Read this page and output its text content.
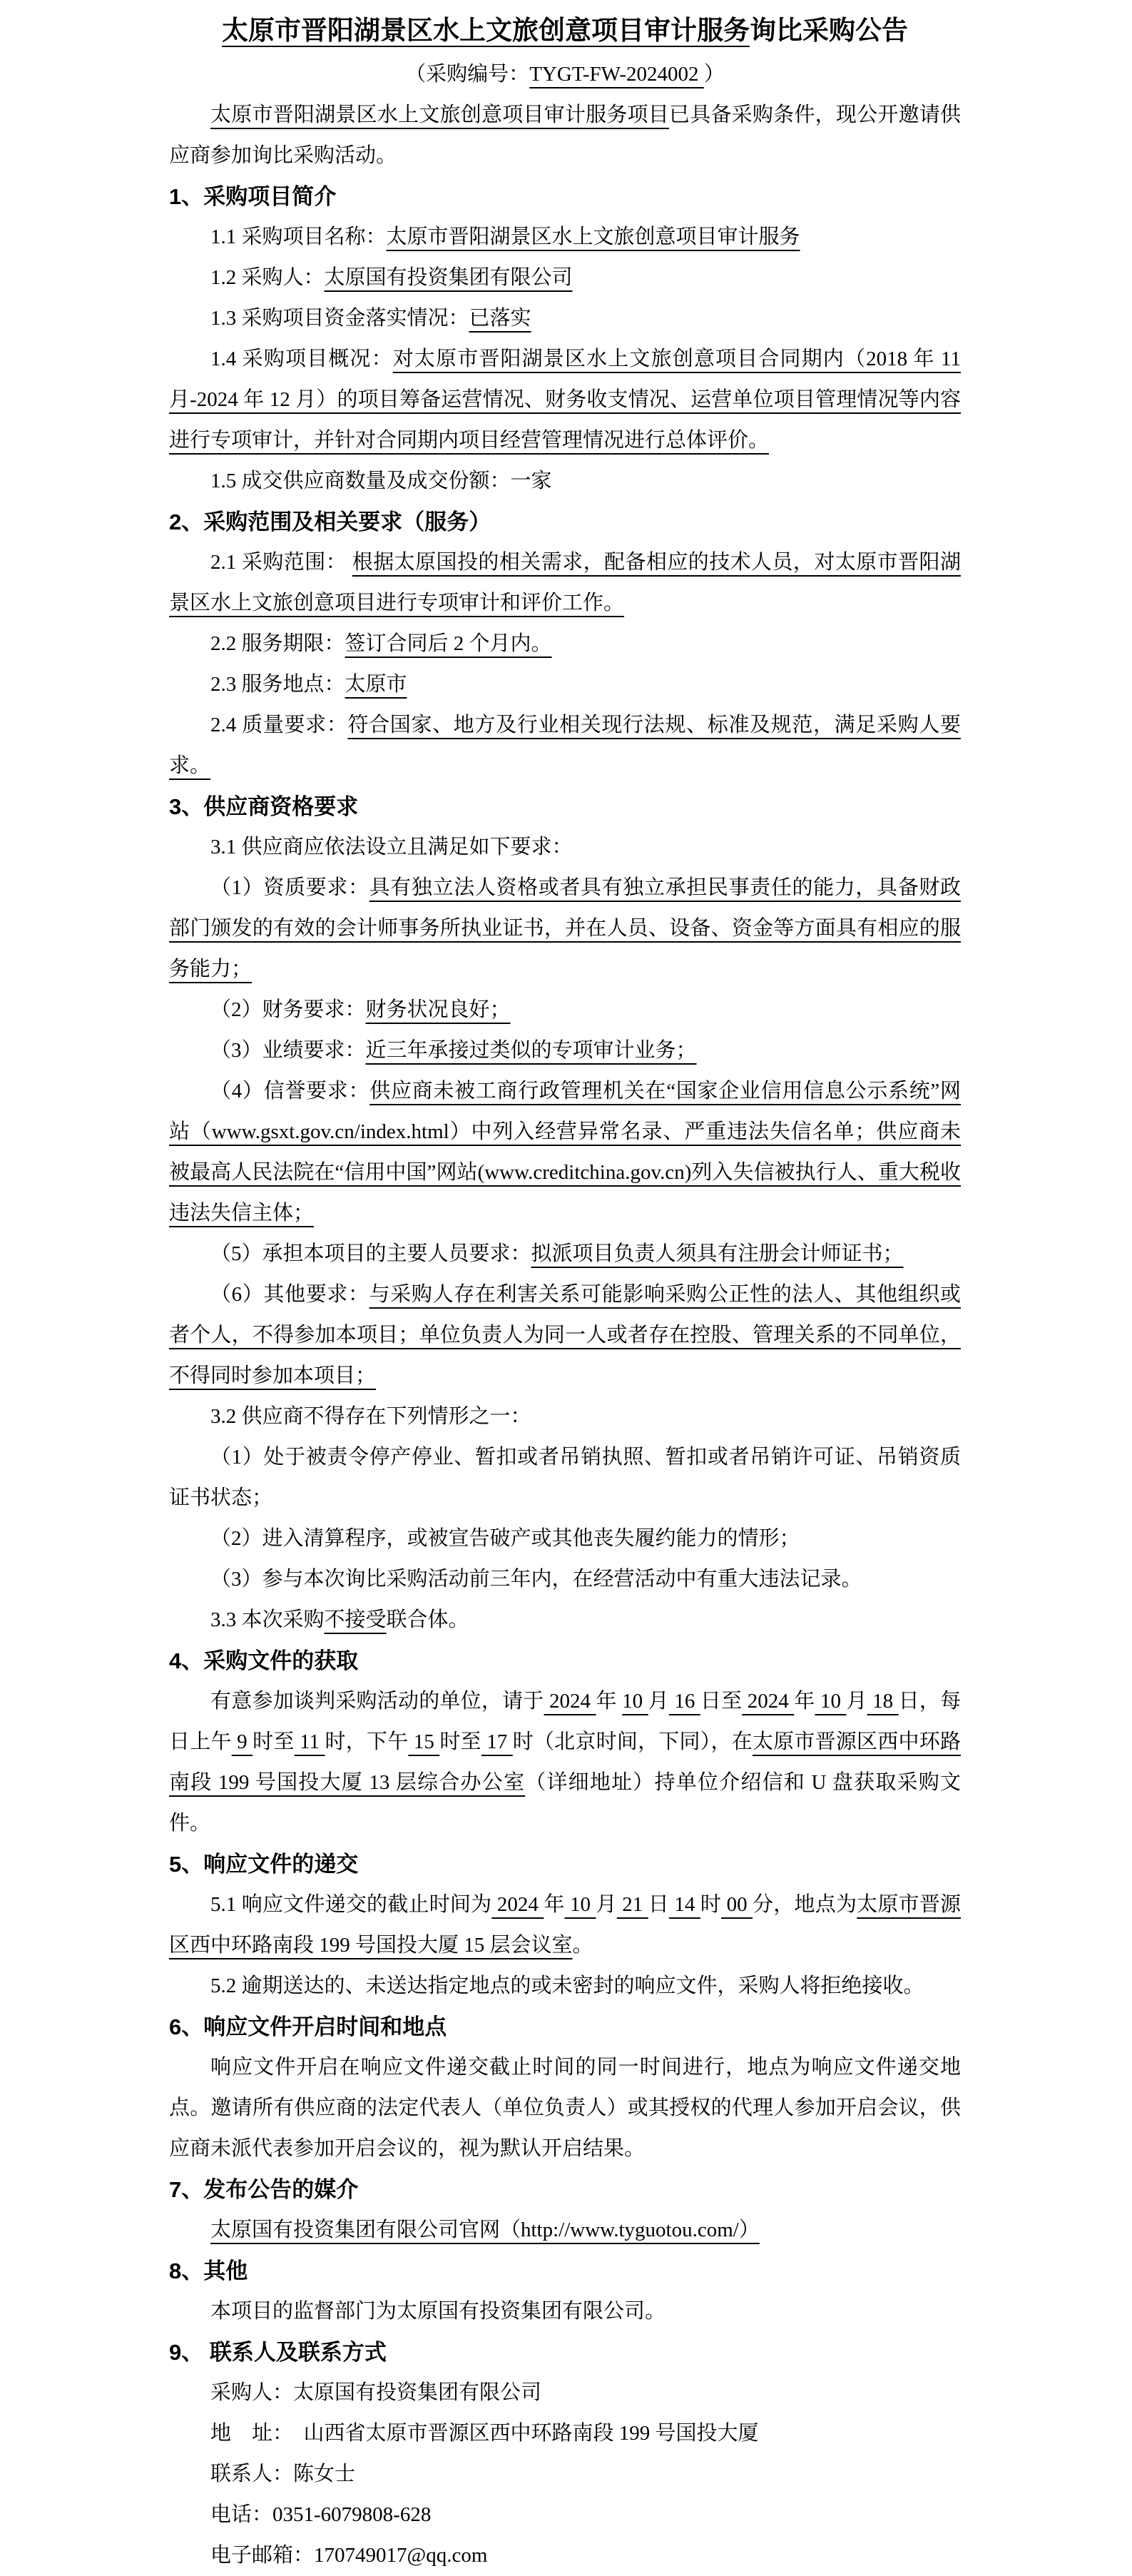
太原市晋阳湖景区水上文旅创意项目审计服务询比采购公告
（采购编号：TYGT-FW-2024002 ）
太原市晋阳湖景区水上文旅创意项目审计服务项目已具备采购条件，现公开邀请供应商参加询比采购活动。
1、采购项目简介
1.1 采购项目名称：太原市晋阳湖景区水上文旅创意项目审计服务
1.2 采购人：太原国有投资集团有限公司
1.3 采购项目资金落实情况：已落实
1.4 采购项目概况：对太原市晋阳湖景区水上文旅创意项目合同期内（2018 年 11 月-2024 年 12 月）的项目筹备运营情况、财务收支情况、运营单位项目管理情况等内容进行专项审计，并针对合同期内项目经营管理情况进行总体评价。
1.5 成交供应商数量及成交份额：一家
2、采购范围及相关要求（服务）
2.1 采购范围： 根据太原国投的相关需求，配备相应的技术人员，对太原市晋阳湖景区水上文旅创意项目进行专项审计和评价工作。
2.2 服务期限：签订合同后 2 个月内。
2.3 服务地点：太原市
2.4 质量要求：符合国家、地方及行业相关现行法规、标准及规范，满足采购人要求。
3、供应商资格要求
3.1 供应商应依法设立且满足如下要求：
（1）资质要求：具有独立法人资格或者具有独立承担民事责任的能力，具备财政部门颁发的有效的会计师事务所执业证书，并在人员、设备、资金等方面具有相应的服务能力；
（2）财务要求：财务状况良好；
（3）业绩要求：近三年承接过类似的专项审计业务；
（4）信誉要求：供应商未被工商行政管理机关在“国家企业信用信息公示系统”网站（www.gsxt.gov.cn/index.html）中列入经营异常名录、严重违法失信名单；供应商未被最高人民法院在“信用中国”网站(www.creditchina.gov.cn)列入失信被执行人、重大税收违法失信主体；
（5）承担本项目的主要人员要求：拟派项目负责人须具有注册会计师证书；
（6）其他要求：与采购人存在利害关系可能影响采购公正性的法人、其他组织或者个人，不得参加本项目；单位负责人为同一人或者存在控股、管理关系的不同单位，不得同时参加本项目；
3.2 供应商不得存在下列情形之一：
（1）处于被责令停产停业、暂扣或者吊销执照、暂扣或者吊销许可证、吊销资质证书状态；
（2）进入清算程序，或被宣告破产或其他丧失履约能力的情形；
（3）参与本次询比采购活动前三年内，在经营活动中有重大违法记录。
3.3 本次采购不接受联合体。
4、采购文件的获取
有意参加谈判采购活动的单位，请于 2024 年 10 月 16 日至 2024 年 10 月 18 日，每日上午 9 时至 11 时，下午 15 时至 17 时（北京时间，下同），在太原市晋源区西中环路南段 199 号国投大厦 13 层综合办公室（详细地址）持单位介绍信和 U 盘获取采购文件。
5、响应文件的递交
5.1 响应文件递交的截止时间为 2024 年 10 月 21 日 14 时 00 分，地点为太原市晋源区西中环路南段 199 号国投大厦 15 层会议室。
5.2 逾期送达的、未送达指定地点的或未密封的响应文件，采购人将拒绝接收。
6、响应文件开启时间和地点
响应文件开启在响应文件递交截止时间的同一时间进行，地点为响应文件递交地点。邀请所有供应商的法定代表人（单位负责人）或其授权的代理人参加开启会议，供应商未派代表参加开启会议的，视为默认开启结果。
7、发布公告的媒介
太原国有投资集团有限公司官网（http://www.tyguotou.com/）
8、其他
本项目的监督部门为太原国有投资集团有限公司。
9、 联系人及联系方式
采购人：太原国有投资集团有限公司
地　址：　山西省太原市晋源区西中环路南段 199 号国投大厦
联系人：陈女士
电话：0351-6079808-628
电子邮箱：170749017@qq.com
